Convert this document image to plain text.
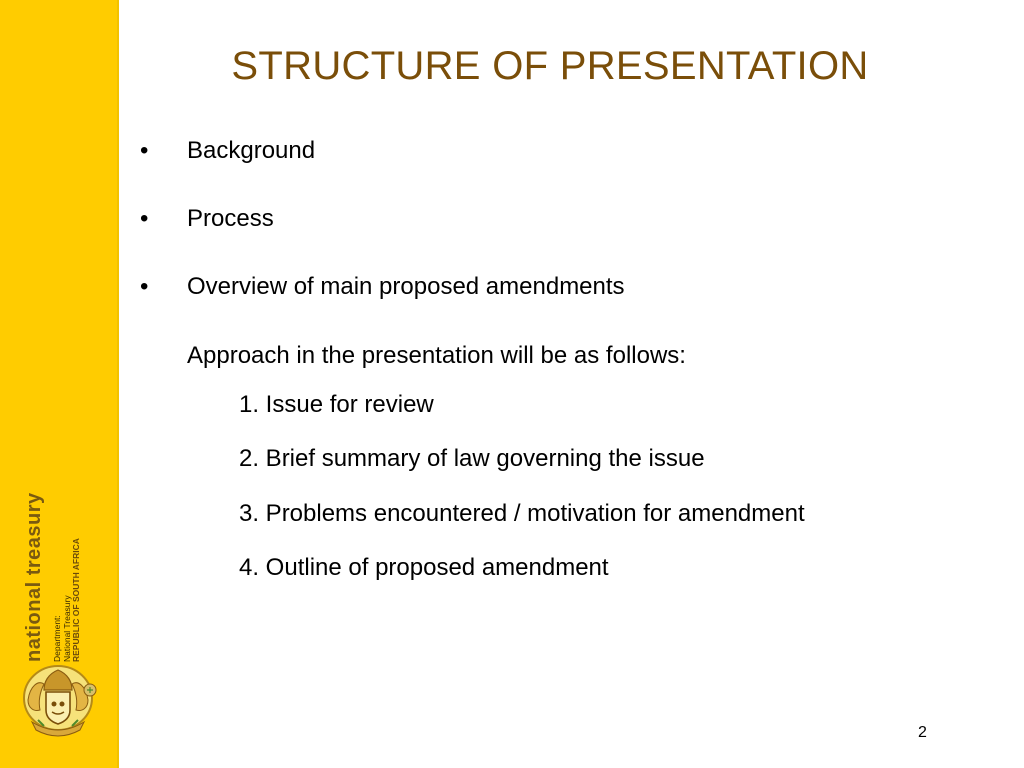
national treasury Department: National Treasury REPUBLIC OF SOUTH AFRICA
STRUCTURE OF PRESENTATION
•	Background
•	Process
•	Overview of main proposed amendments
Approach in the presentation will be as follows:
1. Issue for review
2. Brief summary of law governing the issue
3. Problems encountered / motivation for amendment
4. Outline of proposed amendment
2
